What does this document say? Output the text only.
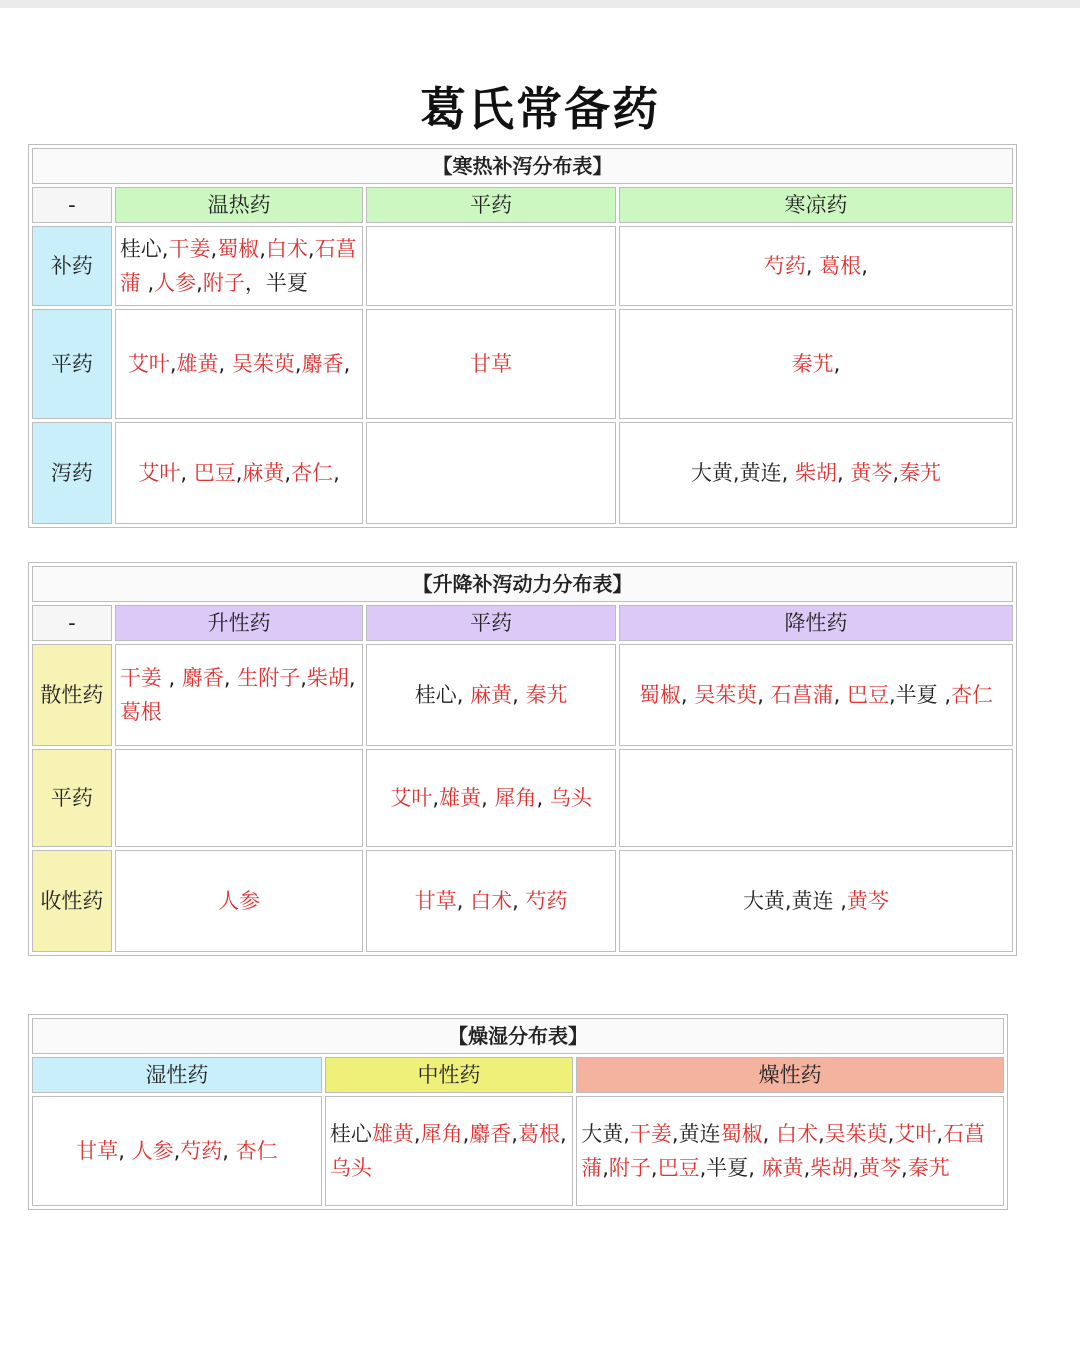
葛氏常备药
【寒热补泻分布表】			
-	温热药	平药	寒凉药
补药	桂心,干姜,蜀椒,白术,石菖蒲 ,人参,附子，半夏		芍药, 葛根,
平药	艾叶,雄黄, 吴茱萸,麝香,	甘草	秦艽,
泻药	艾叶, 巴豆,麻黄,杏仁,		大黄,黄连, 柴胡, 黄芩,秦艽
【升降补泻动力分布表】			
-	升性药	平药	降性药
散性药	干姜 , 麝香, 生附子,柴胡,葛根	桂心, 麻黄, 秦艽	蜀椒, 吴茱萸, 石菖蒲, 巴豆,半夏 ,杏仁
平药		艾叶,雄黄, 犀角, 乌头	
收性药	人参	甘草, 白术, 芍药	大黄,黄连 ,黄芩
【燥湿分布表】		
湿性药	中性药	燥性药
甘草, 人参,芍药, 杏仁	桂心雄黄,犀角,麝香,葛根,乌头	大黄,干姜,黄连蜀椒, 白术,吴茱萸,艾叶,石菖蒲,附子,巴豆,半夏, 麻黄,柴胡,黄芩,秦艽
